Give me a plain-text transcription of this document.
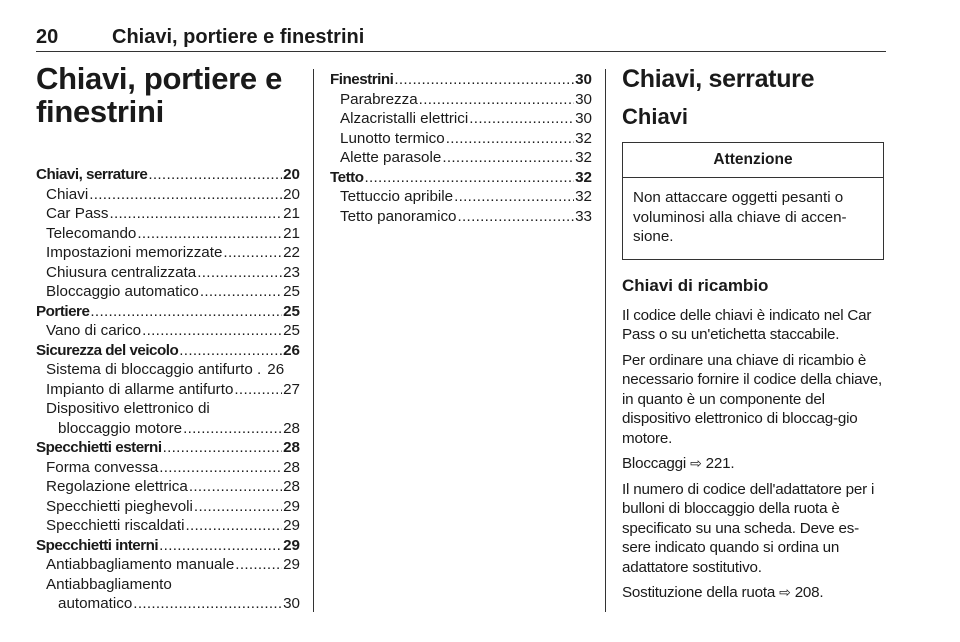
20	Chiavi, portiere e finestrini
Chiavi, portiere e
finestrini
Chiavi, serrature .....	20
Chiavi .....	20
Car Pass .....	21
Telecomando .....	21
Impostazioni memorizzate .....	22
Chiusura centralizzata .....	23
Bloccaggio automatico .....	25
Portiere .....	25
Vano di carico .....	25
Sicurezza del veicolo .....	26
Sistema di bloccaggio antifurto . 26
Impianto di allarme antifurto .....	27
Dispositivo elettronico di
bloccaggio motore .....	28
Specchietti esterni .....	28
Forma convessa .....	28
Regolazione elettrica .....	28
Specchietti pieghevoli .....	29
Specchietti riscaldati .....	29
Specchietti interni .....	29
Antiabbagliamento manuale .....	29
Antiabbagliamento
automatico .....	30
Finestrini .....	30
Parabrezza .....	30
Alzacristalli elettrici .....	30
Lunotto termico .....	32
Alette parasole .....	32
Tetto .....	32
Tettuccio apribile .....	32
Tetto panoramico .....	33
Chiavi, serrature
Chiavi
Attenzione
Non attaccare oggetti pesanti o voluminosi alla chiave di accen-sione.
Chiavi di ricambio

Il codice delle chiavi è indicato nel Car Pass o su un'etichetta staccabile.

Per ordinare una chiave di ricambio è necessario fornire il codice della chiave, in quanto è un componente del dispositivo elettronico di bloccag-gio motore.

Bloccaggi ⇨ 221.

Il numero di codice dell'adattatore per i bulloni di bloccaggio della ruota è specificato su una scheda. Deve es-sere indicato quando si ordina un adattatore sostitutivo.

Sostituzione della ruota ⇨ 208.
